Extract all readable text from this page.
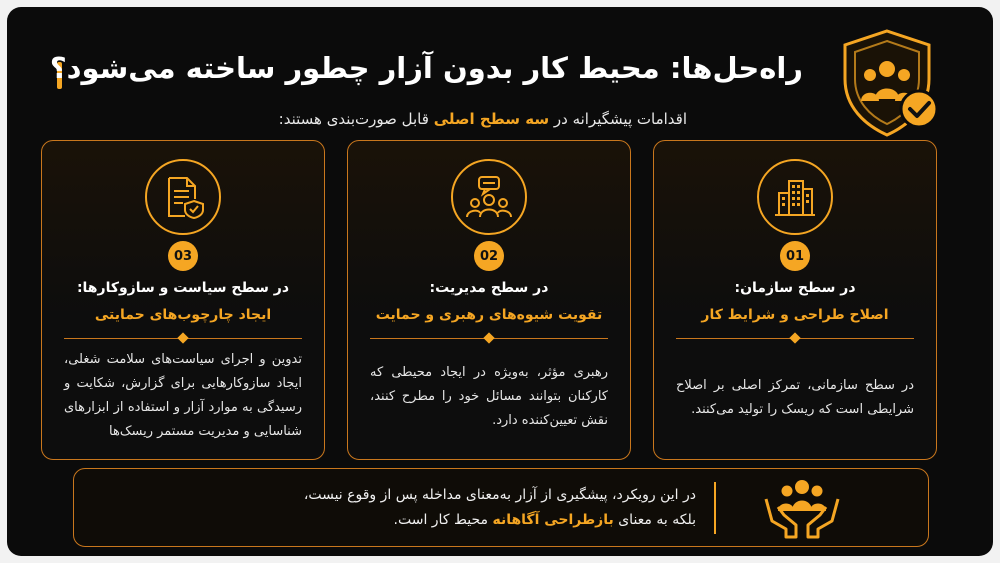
راه‌حل‌ها: محیط کار بدون آزار چطور ساخته می‌شود؟
اقدامات پیشگیرانه در سه سطح اصلی قابل صورت‌بندی هستند:
01
در سطح سازمان:
اصلاح طراحی و شرایط کار
در سطح سازمانی، تمرکز اصلی بر اصلاح شرایطی است که ریسک را تولید می‌کنند.
02
در سطح مدیریت:
تقویت شیوه‌های رهبری و حمایت
رهبری مؤثر، به‌ویژه در ایجاد محیطی که کارکنان بتوانند مسائل خود را مطرح کنند، نقش تعیین‌کننده دارد.
03
در سطح سیاست و سازوکارها:
ایجاد چارچوب‌های حمایتی
تدوین و اجرای سیاست‌های سلامت شغلی، ایجاد سازوکارهایی برای گزارش، شکایت و رسیدگی به موارد آزار و استفاده از ابزارهای شناسایی و مدیریت مستمر ریسک‌ها
در این رویکرد، پیشگیری از آزار به‌معنای مداخله پس از وقوع نیست،
بلکه به معنای بازطراحی آگاهانه محیط کار است.
